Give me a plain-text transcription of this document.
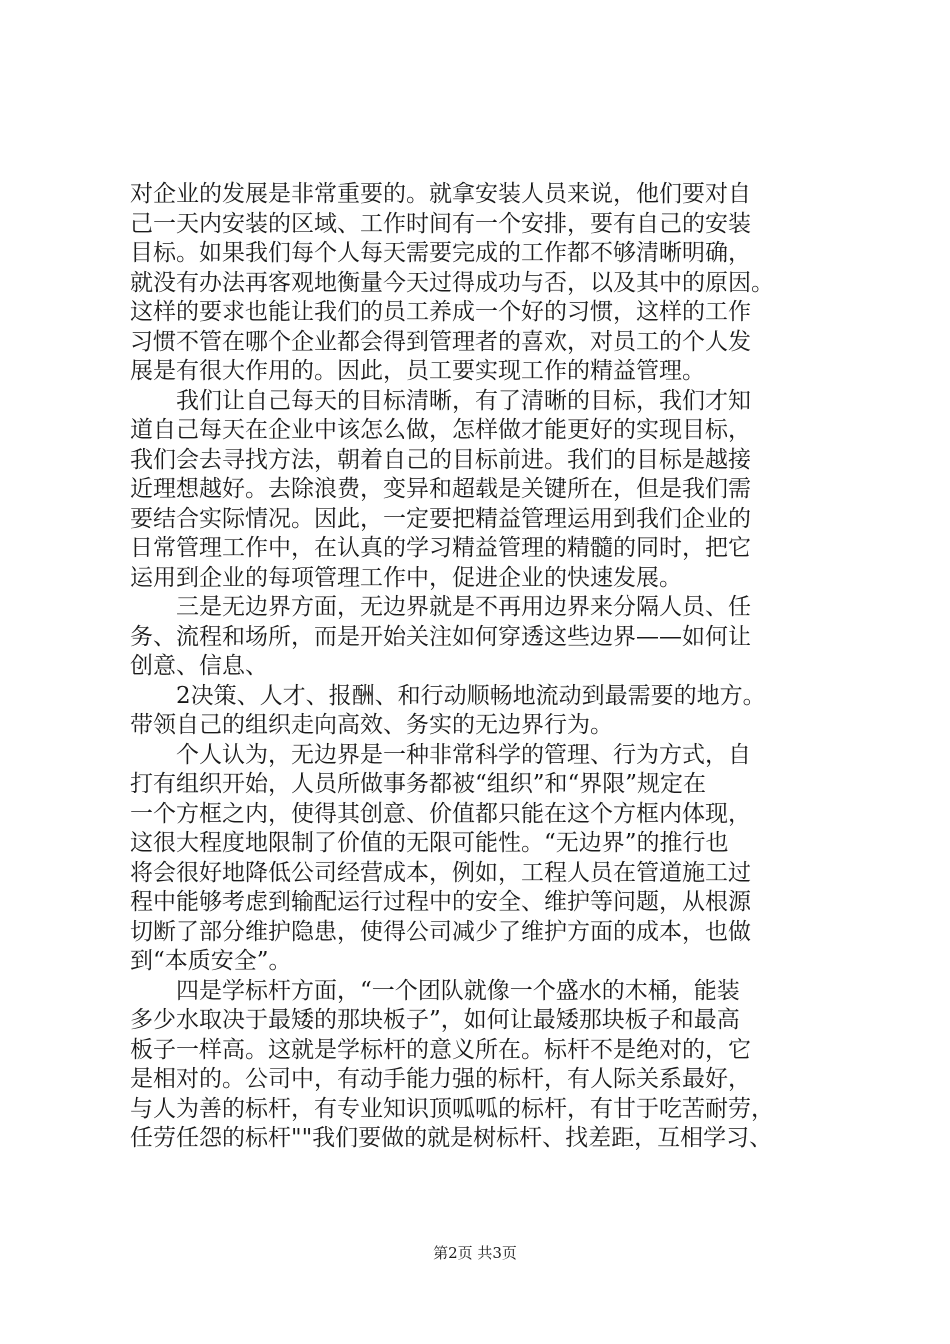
对企业的发展是非常重要的。就拿安装人员来说，他们要对自
己一天内安装的区域、工作时间有一个安排，要有自己的安装
目标。如果我们每个人每天需要完成的工作都不够清晰明确，
就没有办法再客观地衡量今天过得成功与否，以及其中的原因。
这样的要求也能让我们的员工养成一个好的习惯，这样的工作
习惯不管在哪个企业都会得到管理者的喜欢，对员工的个人发
展是有很大作用的。因此，员工要实现工作的精益管理。
　　我们让自己每天的目标清晰，有了清晰的目标，我们才知
道自己每天在企业中该怎么做，怎样做才能更好的实现目标，
我们会去寻找方法，朝着自己的目标前进。我们的目标是越接
近理想越好。去除浪费，变异和超载是关键所在，但是我们需
要结合实际情况。因此，一定要把精益管理运用到我们企业的
日常管理工作中，在认真的学习精益管理的精髓的同时，把它
运用到企业的每项管理工作中，促进企业的快速发展。
　　三是无边界方面，无边界就是不再用边界来分隔人员、任
务、流程和场所，而是开始关注如何穿透这些边界——如何让
创意、信息、
　　2决策、人才、报酬、和行动顺畅地流动到最需要的地方。
带领自己的组织走向高效、务实的无边界行为。
　　个人认为，无边界是一种非常科学的管理、行为方式，自
打有组织开始，人员所做事务都被“组织”和“界限”规定在
一个方框之内，使得其创意、价值都只能在这个方框内体现，
这很大程度地限制了价值的无限可能性。“无边界”的推行也
将会很好地降低公司经营成本，例如，工程人员在管道施工过
程中能够考虑到输配运行过程中的安全、维护等问题，从根源
切断了部分维护隐患，使得公司减少了维护方面的成本，也做
到“本质安全”。
　　四是学标杆方面，“一个团队就像一个盛水的木桶，能装
多少水取决于最矮的那块板子”，如何让最矮那块板子和最高
板子一样高。这就是学标杆的意义所在。标杆不是绝对的，它
是相对的。公司中，有动手能力强的标杆，有人际关系最好，
与人为善的标杆，有专业知识顶呱呱的标杆，有甘于吃苦耐劳，
任劳任怨的标杆""我们要做的就是树标杆、找差距，互相学习、
第2页 共3页
